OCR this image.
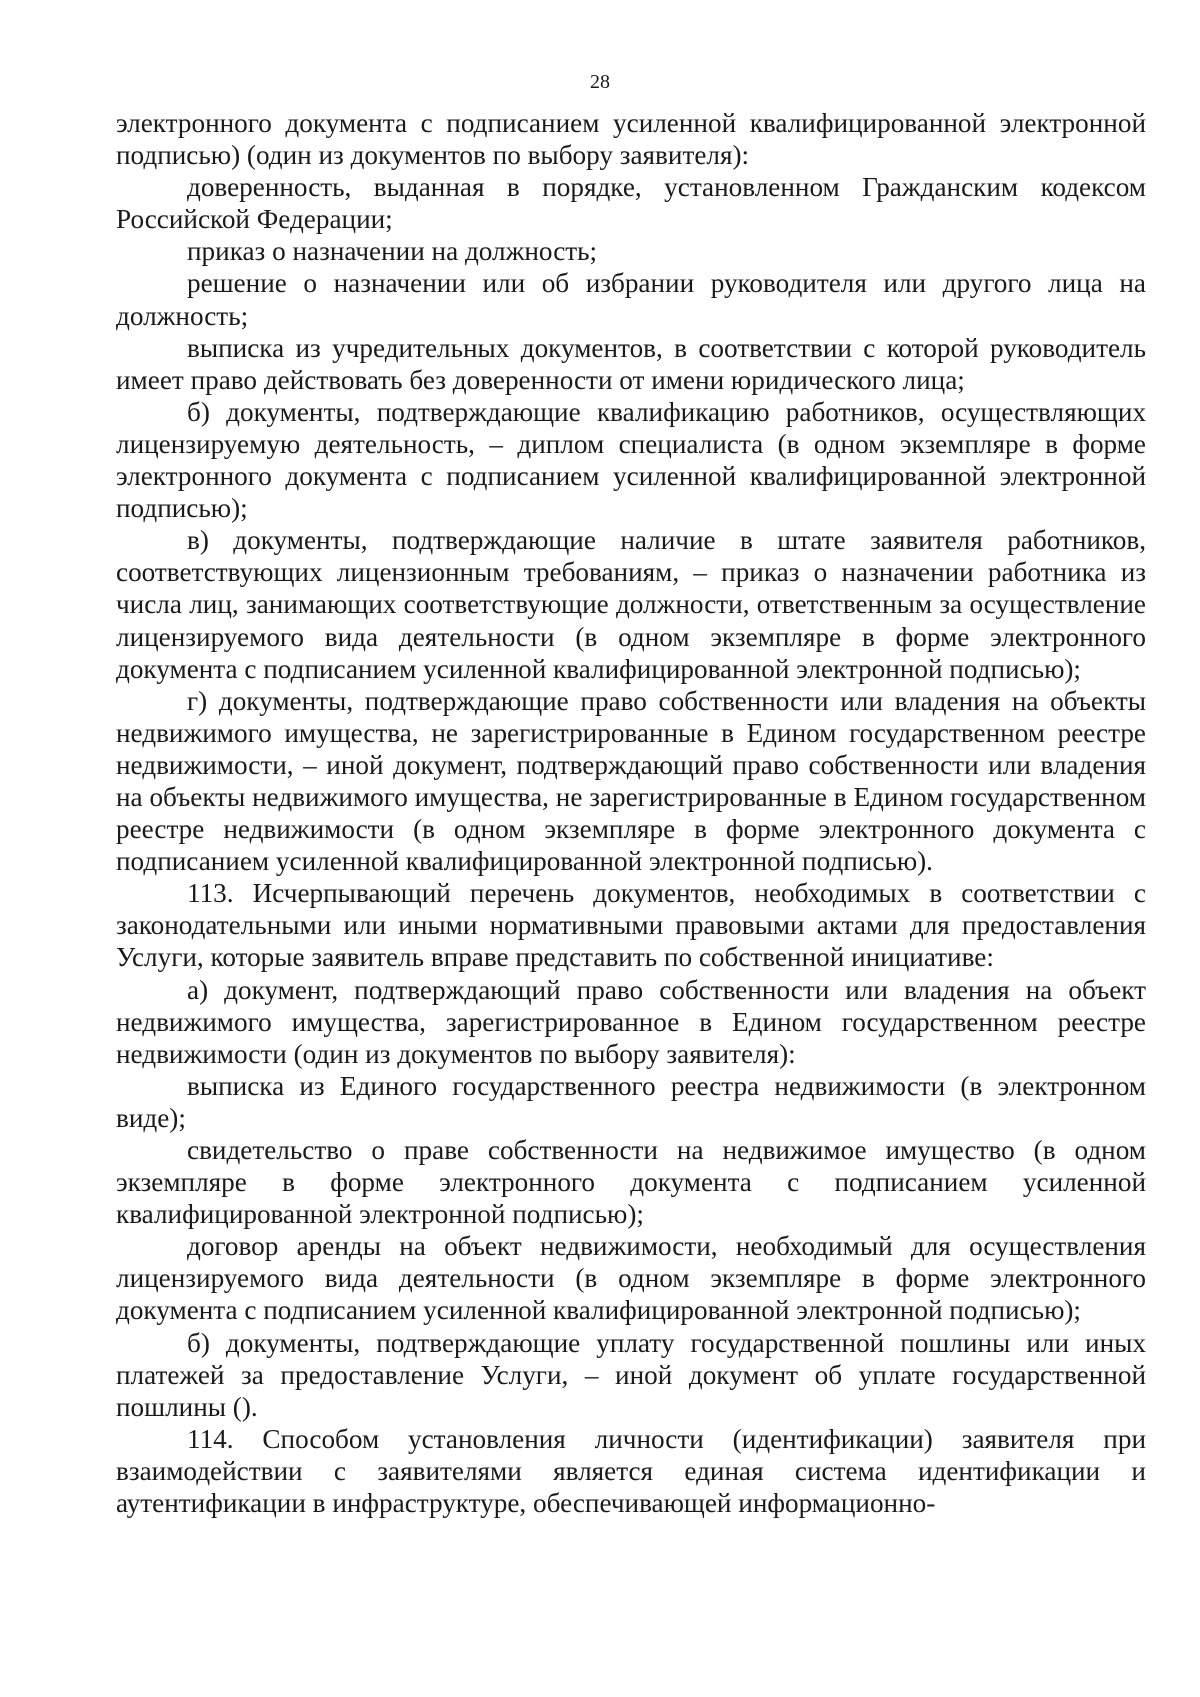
28

электронного документа с подписанием усиленной квалифицированной электронной подписью) (один из документов по выбору заявителя):

доверенность, выданная в порядке, установленном Гражданским кодексом Российской Федерации;

приказ о назначении на должность;

решение о назначении или об избрании руководителя или другого лица на должность;

выписка из учредительных документов, в соответствии с которой руководитель имеет право действовать без доверенности от имени юридического лица;

б) документы, подтверждающие квалификацию работников, осуществляющих лицензируемую деятельность, – диплом специалиста (в одном экземпляре в форме электронного документа с подписанием усиленной квалифицированной электронной подписью);

в) документы, подтверждающие наличие в штате заявителя работников, соответствующих лицензионным требованиям, – приказ о назначении работника из числа лиц, занимающих соответствующие должности, ответственным за осуществление лицензируемого вида деятельности (в одном экземпляре в форме электронного документа с подписанием усиленной квалифицированной электронной подписью);

г) документы, подтверждающие право собственности или владения на объекты недвижимого имущества, не зарегистрированные в Едином государственном реестре недвижимости, – иной документ, подтверждающий право собственности или владения на объекты недвижимого имущества, не зарегистрированные в Едином государственном реестре недвижимости (в одном экземпляре в форме электронного документа с подписанием усиленной квалифицированной электронной подписью).

113. Исчерпывающий перечень документов, необходимых в соответствии с законодательными или иными нормативными правовыми актами для предоставления Услуги, которые заявитель вправе представить по собственной инициативе:

а) документ, подтверждающий право собственности или владения на объект недвижимого имущества, зарегистрированное в Едином государственном реестре недвижимости (один из документов по выбору заявителя):

выписка из Единого государственного реестра недвижимости (в электронном виде);

свидетельство о праве собственности на недвижимое имущество (в одном экземпляре в форме электронного документа с подписанием усиленной квалифицированной электронной подписью);

договор аренды на объект недвижимости, необходимый для осуществления лицензируемого вида деятельности (в одном экземпляре в форме электронного документа с подписанием усиленной квалифицированной электронной подписью);

б) документы, подтверждающие уплату государственной пошлины или иных платежей за предоставление Услуги, – иной документ об уплате государственной пошлины ().

114. Способом установления личности (идентификации) заявителя при взаимодействии с заявителями является единая система идентификации и аутентификации в инфраструктуре, обеспечивающей информационно-
